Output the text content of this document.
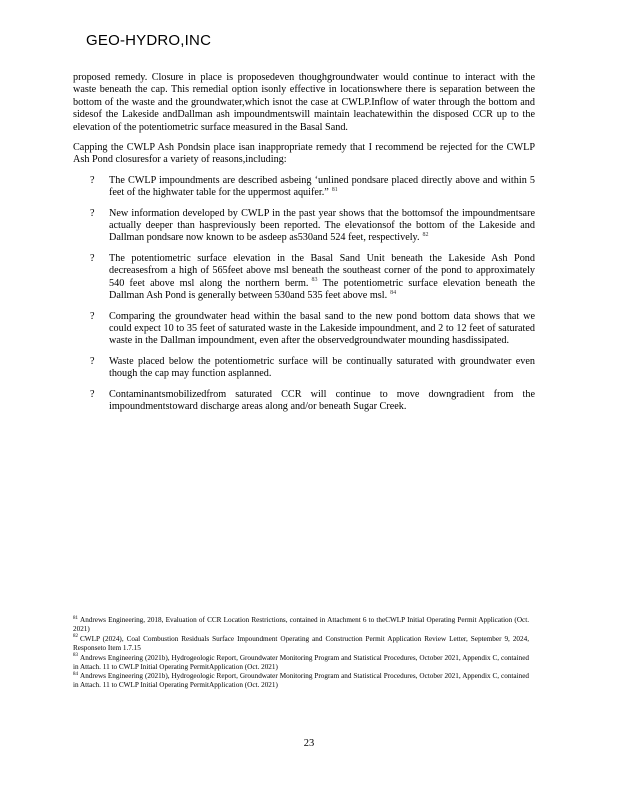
GEO-HYDRO,INC

proposed remedy. Closure in place is proposedeven thoughgroundwater would continue to interact with the waste beneath the cap. This remedial option isonly effective in locationswhere there is separation between the bottom of the waste and the groundwater,which isnot the case at CWLP.Inflow of water through the bottom and sidesof the Lakeside andDallman ash impoundmentswill maintain leachatewithin the disposed CCR up to the elevation of the potentiometric surface measured in the Basal Sand.

Capping the CWLP Ash Pondsin place isan inappropriate remedy that I recommend be rejected for the CWLP Ash Pond closuresfor a variety of reasons,including:

? The CWLP impoundments are described asbeing ‘unlined pondsare placed directly above and within 5 feet of the highwater table for the uppermost aquifer.” $^{81}$
? New information developed by CWLP in the past year shows that the bottomsof the impoundmentsare actually deeper than haspreviously been reported. The elevationsof the bottom of the Lakeside and Dallman pondsare now known to be asdeep as530and 524 feet, respectively. $^{82}$
? The potentiometric surface elevation in the Basal Sand Unit beneath the Lakeside Ash Pond decreasesfrom a high of 565feet above msl beneath the southeast corner of the pond to approximately 540 feet above msl along the northern berm. $^{83}$ The potentiometric surface elevation beneath the Dallman Ash Pond is generally between 530and 535 feet above msl. $^{84}$
? Comparing the groundwater head within the basal sand to the new pond bottom data shows that we could expect 10 to 35 feet of saturated waste in the Lakeside impoundment, and 2 to 12 feet of saturated waste in the Dallman impoundment, even after the observedgroundwater mounding hasdissipated.
? Waste placed below the potentiometric surface will be continually saturated with groundwater even though the cap may function asplanned.
? Contaminantsmobilizedfrom saturated CCR will continue to move downgradient from the impoundmentstoward discharge areas along and/or beneath Sugar Creek.

$^{81}$ Andrews Engineering, 2018, Evaluation of CCR Location Restrictions, contained in Attachment 6 to theCWLP Initial Operating Permit Application (Oct. 2021)

$^{82}$ CWLP (2024), Coal Combustion Residuals Surface Impoundment Operating and Construction Permit Application Review Letter, September 9, 2024, Responseto Item 1.7.15

$^{83}$ Andrews Engineering (2021b), Hydrogeologic Report, Groundwater Monitoring Program and Statistical Procedures, October 2021, Appendix C, contained in Attach. 11 to CWLP Initial Operating PermitApplication (Oct. 2021)

$^{84}$ Andrews Engineering (2021b), Hydrogeologic Report, Groundwater Monitoring Program and Statistical Procedures, October 2021, Appendix C, contained in Attach. 11 to CWLP Initial Operating PermitApplication (Oct. 2021)

23
